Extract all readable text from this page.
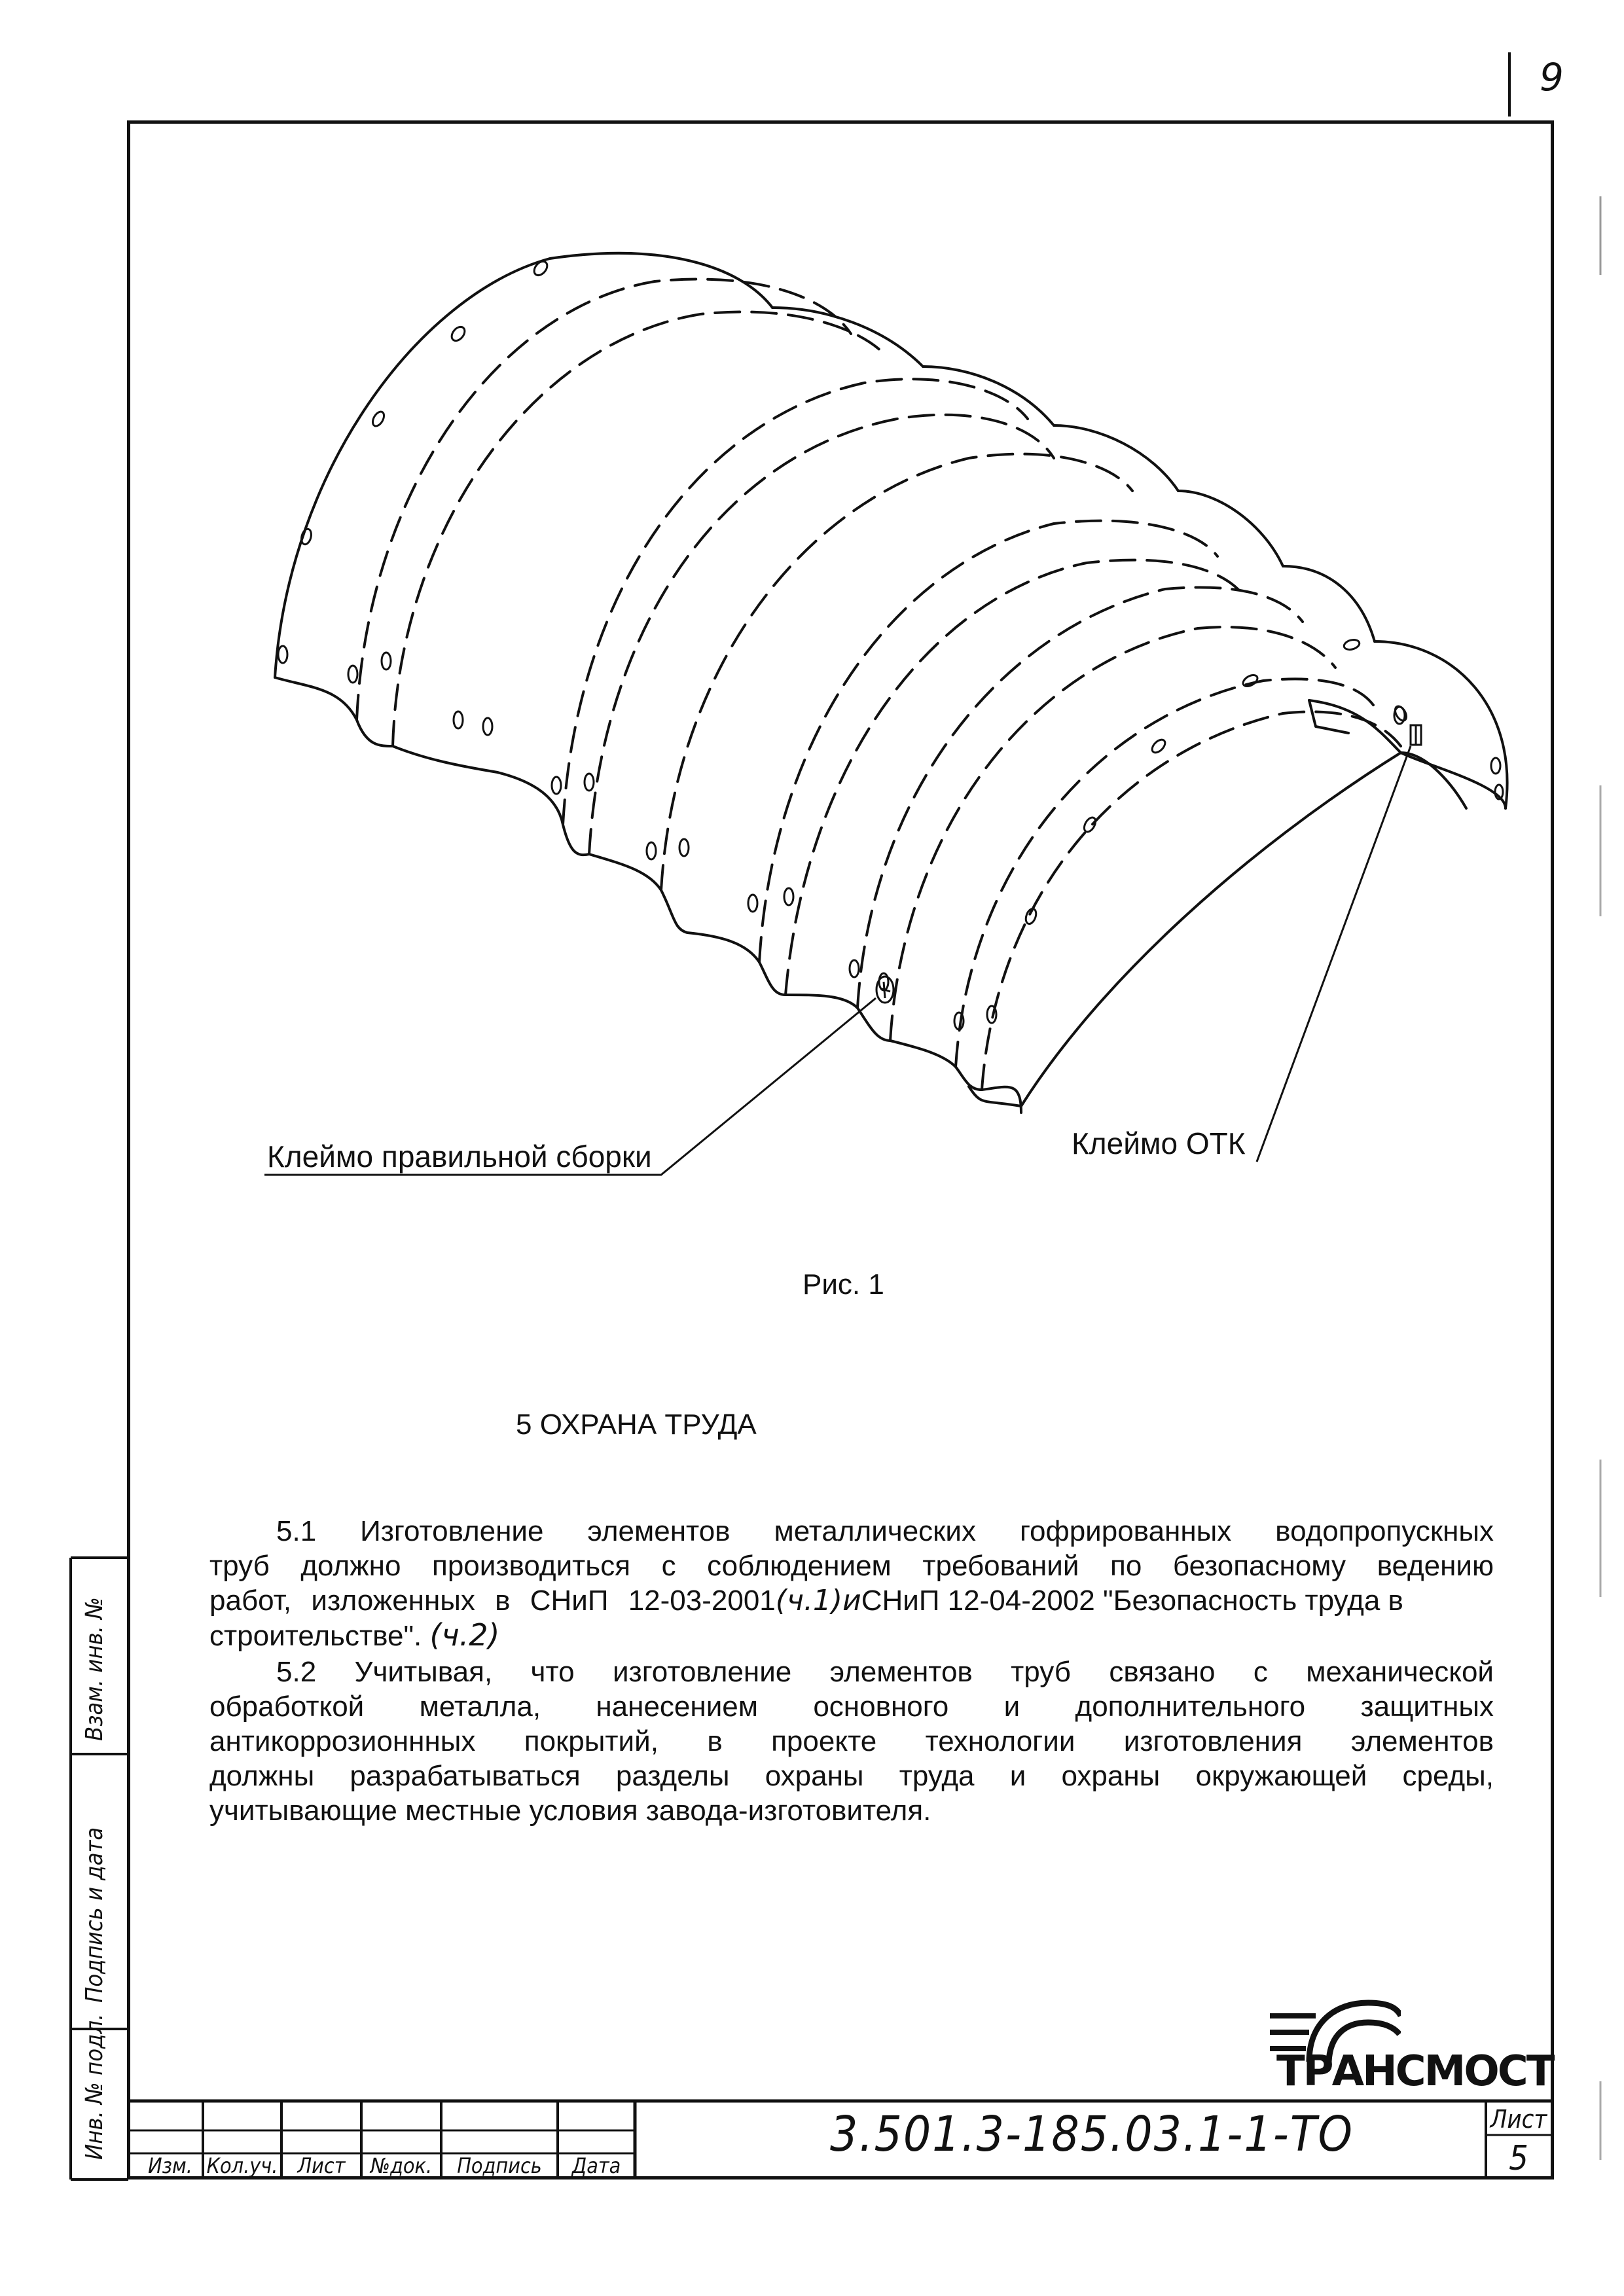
9
Клеймо правильной сборки	Клеймо ОТК
Рис. 1
5 ОХРАНА ТРУДА
5.1 Изготовление элементов металлических гофрированных водопропускных
труб должно производиться с соблюдением требований по безопасному ведению
работ, изложенных в СНиП 12-03-2001(ч.1)иСНиП 12-04-2002 "Безопасность труда в
строительстве". (ч.2)
5.2 Учитывая, что изготовление элементов труб связано с механической
обработкой металла, нанесением основного и дополнительного защитных
антикоррозионнных покрытий, в проекте технологии изготовления элементов
должны разрабатываться разделы охраны труда и охраны окружающей среды,
учитывающие местные условия завода-изготовителя.
Взам. инв. №
Подпись и дата
Инв. № подл.
Изм. Кол.уч. Лист	№док.	Подпись	Дата
3.501.3-185.03.1-1-ТО	Лист
5
ТРАНСМОСТ
